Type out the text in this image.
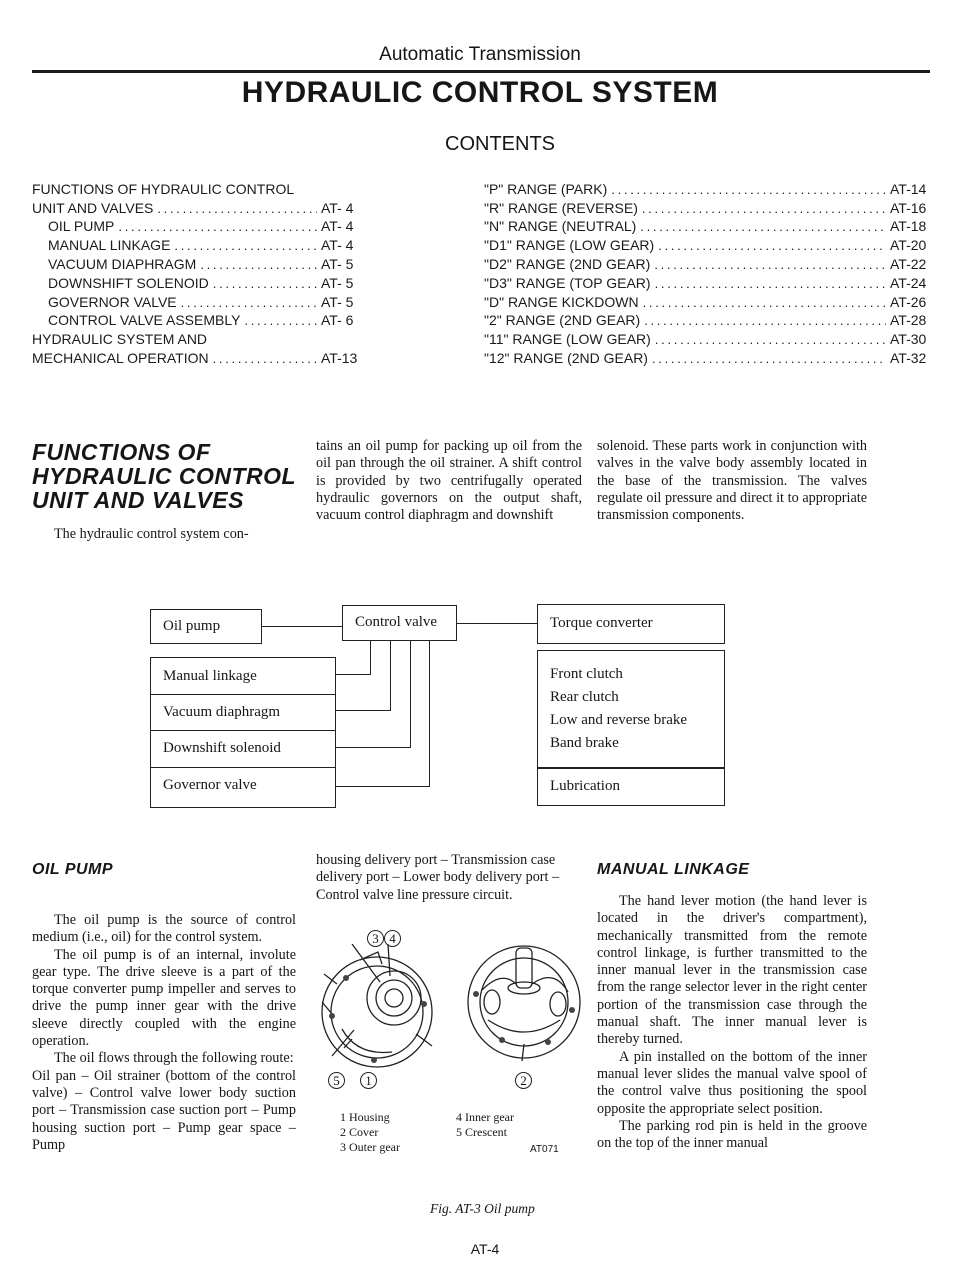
Automatic Transmission
HYDRAULIC CONTROL SYSTEM
CONTENTS
FUNCTIONS OF HYDRAULIC CONTROL
UNIT AND VALVES .....	AT- 4
OIL PUMP .....	AT- 4
MANUAL LINKAGE .....	AT- 4
VACUUM DIAPHRAGM .....	AT- 5
DOWNSHIFT SOLENOID .....	AT- 5
GOVERNOR VALVE .....	AT- 5
CONTROL VALVE ASSEMBLY .....	AT- 6
HYDRAULIC SYSTEM AND
MECHANICAL OPERATION .....	AT-13
"P" RANGE (PARK) .....	AT-14
"R" RANGE (REVERSE) .....	AT-16
"N" RANGE (NEUTRAL) .....	AT-18
"D1" RANGE (LOW GEAR) .....	AT-20
"D2" RANGE (2ND GEAR) .....	AT-22
"D3" RANGE (TOP GEAR) .....	AT-24
"D" RANGE KICKDOWN .....	AT-26
"2" RANGE (2ND GEAR) .....	AT-28
"11" RANGE (LOW GEAR) .....	AT-30
"12" RANGE (2ND GEAR) .....	AT-32
FUNCTIONS OF
HYDRAULIC CONTROL
UNIT AND VALVES

The hydraulic control system con-

tains an oil pump for packing up oil from the oil pan through the oil strainer. A shift control is provided by two centrifugally operated hydraulic governors on the output shaft, vacuum control diaphragm and downshift

solenoid. These parts work in conjunction with valves in the valve body assembly located in the base of the transmission. The valves regulate oil pressure and direct it to appropriate transmission components.

Oil pump	Control valve	Torque converter
Manual linkage
Vacuum diaphragm
Downshift solenoid
Governor valve
Front clutch
Rear clutch
Low and reverse brake
Band brake
Lubrication
OIL PUMP

The oil pump is the source of control medium (i.e., oil) for the control system.

The oil pump is of an internal, involute gear type. The drive sleeve is a part of the torque converter pump impeller and serves to drive the pump inner gear with the drive sleeve directly coupled with the engine operation.

The oil flows through the following route:

Oil pan – Oil strainer (bottom of the control valve) – Control valve lower body suction port – Transmission case suction port – Pump housing suction port – Pump gear space – Pump

housing delivery port – Transmission case delivery port – Lower body delivery port – Control valve line pressure circuit.

3 4
5	1	2
1 Housing
2 Cover
3 Outer gear
4 Inner gear
5 Crescent
AT071
Fig. AT-3 Oil pump
MANUAL LINKAGE

The hand lever motion (the hand lever is located in the driver's compartment), mechanically transmitted from the remote control linkage, is further transmitted to the inner manual lever in the transmission case from the range selector lever in the right center portion of the transmission case through the manual shaft. The inner manual lever is thereby turned.

A pin installed on the bottom of the inner manual lever slides the manual valve spool of the control valve thus positioning the spool opposite the appropriate select position.

The parking rod pin is held in the groove on the top of the inner manual

AT-4
